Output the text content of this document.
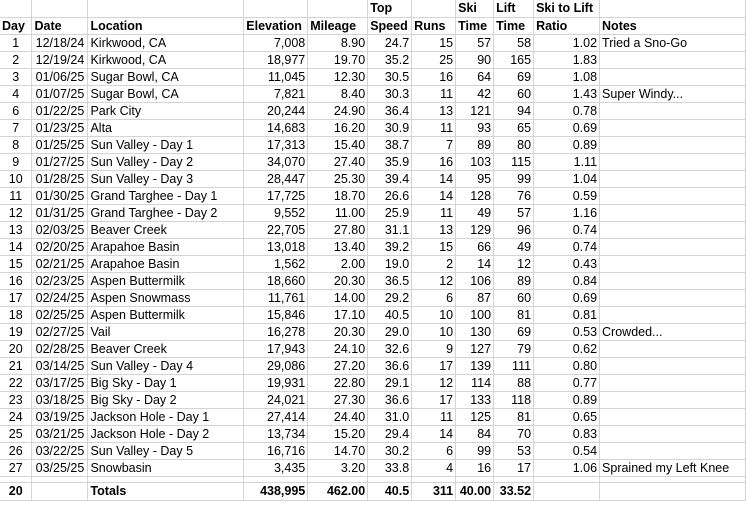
					Top		Ski	Lift	Ski to Lift	
Day	Date	Location	Elevation	Mileage	Speed	Runs	Time	Time	Ratio	Notes
1	12/18/24	Kirkwood, CA	7,008	8.90	24.7	15	57	58	1.02	Tried a Sno-Go
2	12/19/24	Kirkwood, CA	18,977	19.70	35.2	25	90	165	1.83	
3	01/06/25	Sugar Bowl, CA	11,045	12.30	30.5	16	64	69	1.08	
4	01/07/25	Sugar Bowl, CA	7,821	8.40	30.3	11	42	60	1.43	Super Windy...
6	01/22/25	Park City	20,244	24.90	36.4	13	121	94	0.78	
7	01/23/25	Alta	14,683	16.20	30.9	11	93	65	0.69	
8	01/25/25	Sun Valley - Day 1	17,313	15.40	38.7	7	89	80	0.89	
9	01/27/25	Sun Valley - Day 2	34,070	27.40	35.9	16	103	115	1.11	
10	01/28/25	Sun Valley - Day 3	28,447	25.30	39.4	14	95	99	1.04	
11	01/30/25	Grand Targhee - Day 1	17,725	18.70	26.6	14	128	76	0.59	
12	01/31/25	Grand Targhee - Day 2	9,552	11.00	25.9	11	49	57	1.16	
13	02/03/25	Beaver Creek	22,705	27.80	31.1	13	129	96	0.74	
14	02/20/25	Arapahoe Basin	13,018	13.40	39.2	15	66	49	0.74	
15	02/21/25	Arapahoe Basin	1,562	2.00	19.0	2	14	12	0.43	
16	02/23/25	Aspen Buttermilk	18,660	20.30	36.5	12	106	89	0.84	
17	02/24/25	Aspen Snowmass	11,761	14.00	29.2	6	87	60	0.69	
18	02/25/25	Aspen Buttermilk	15,846	17.10	40.5	10	100	81	0.81	
19	02/27/25	Vail	16,278	20.30	29.0	10	130	69	0.53	Crowded...
20	02/28/25	Beaver Creek	17,943	24.10	32.6	9	127	79	0.62	
21	03/14/25	Sun Valley - Day 4	29,086	27.20	36.6	17	139	111	0.80	
22	03/17/25	Big Sky - Day 1	19,931	22.80	29.1	12	114	88	0.77	
23	03/18/25	Big Sky - Day 2	24,021	27.30	36.6	17	133	118	0.89	
24	03/19/25	Jackson Hole - Day 1	27,414	24.40	31.0	11	125	81	0.65	
25	03/21/25	Jackson Hole - Day 2	13,734	15.20	29.4	14	84	70	0.83	
26	03/22/25	Sun Valley - Day 5	16,716	14.70	30.2	6	99	53	0.54	
27	03/25/25	Snowbasin	3,435	3.20	33.8	4	16	17	1.06	Sprained my Left Knee

20		Totals	438,995	462.00	40.5	311	40.00	33.52		
